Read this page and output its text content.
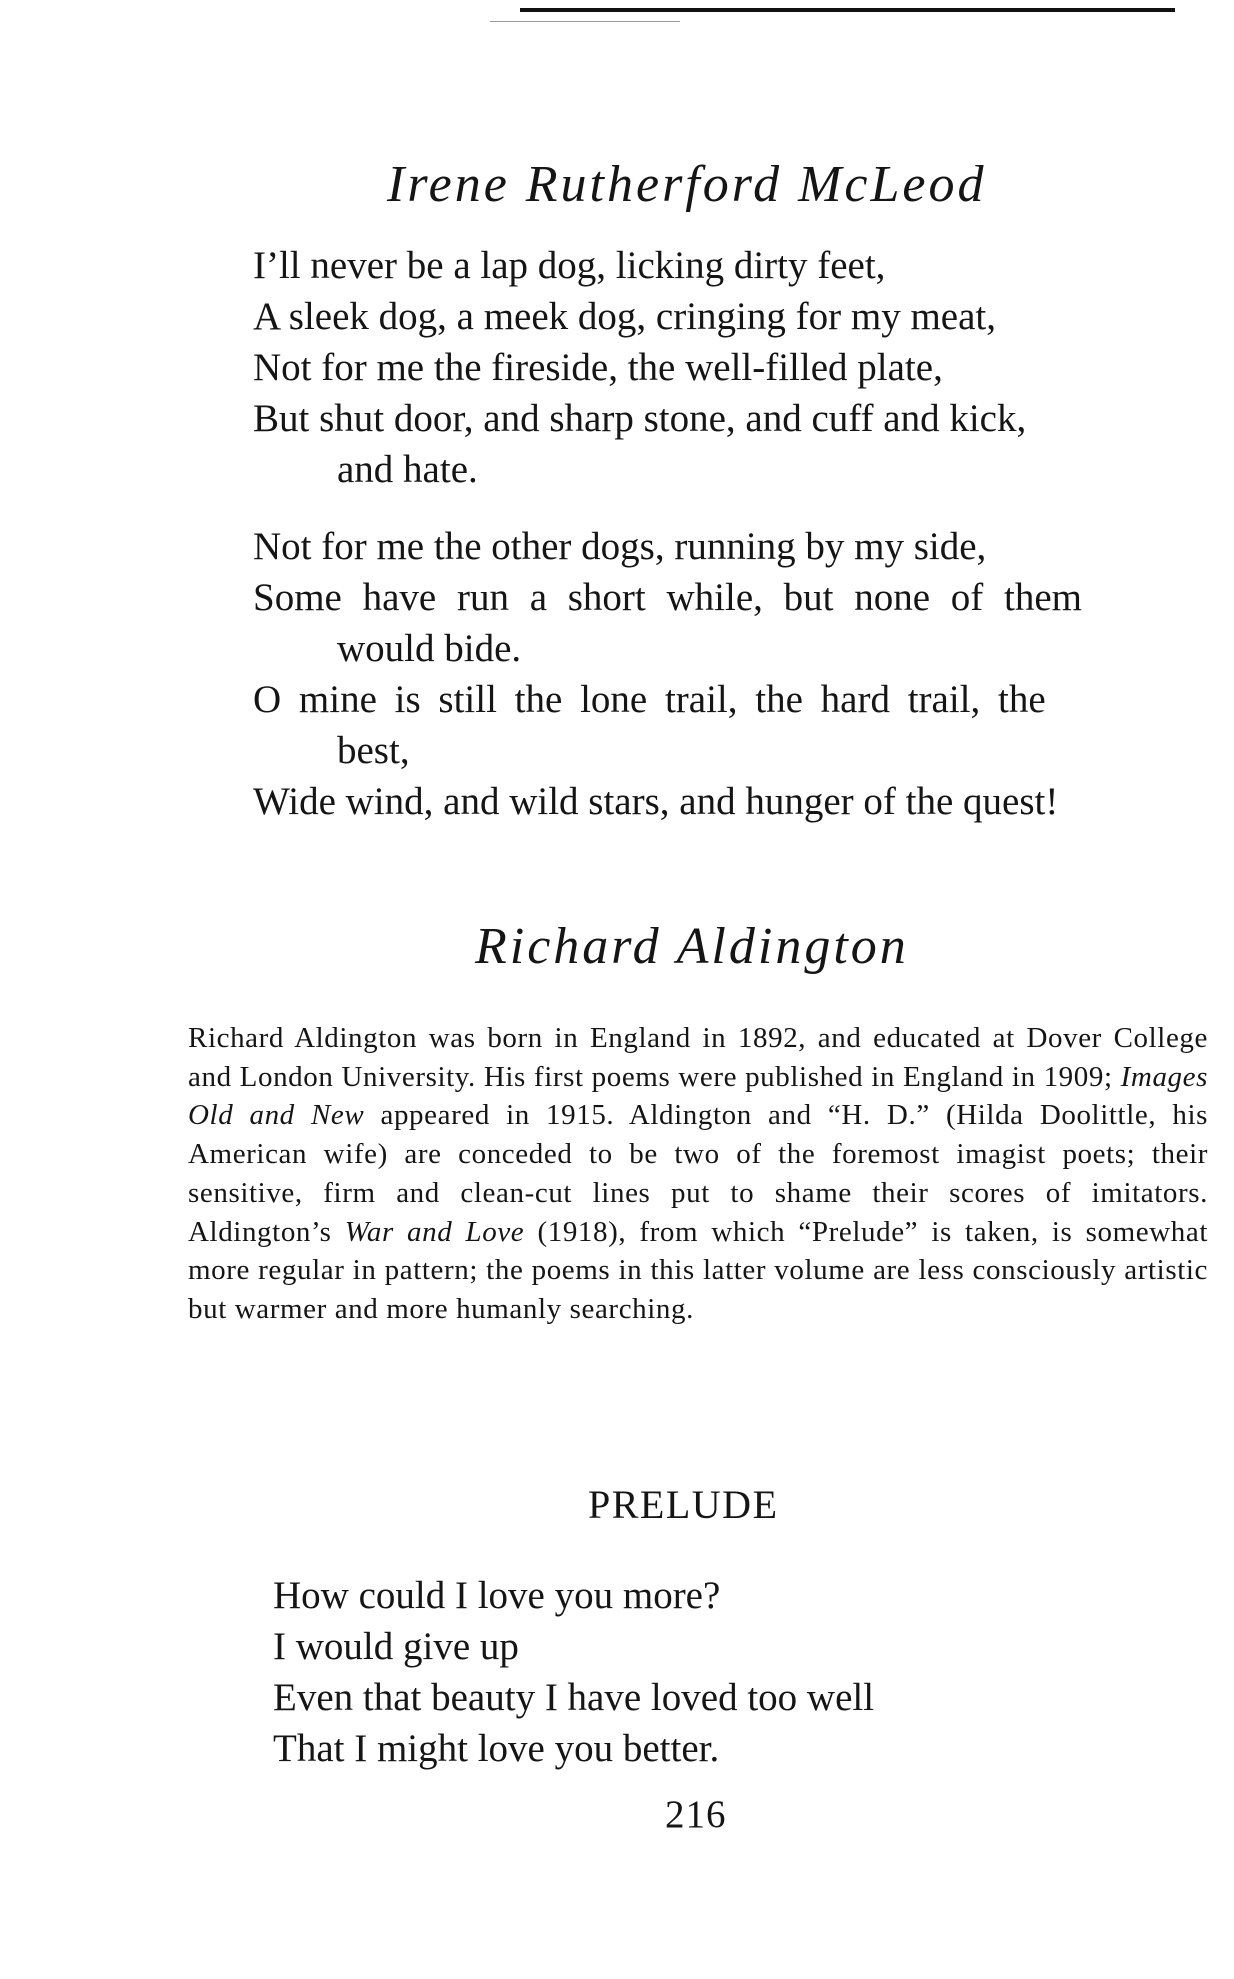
Irene Rutherford McLeod
I’ll never be a lap dog, licking dirty feet,
A sleek dog, a meek dog, cringing for my meat,
Not for me the fireside, the well-filled plate,
But shut door, and sharp stone, and cuff and kick,
and hate.
Not for me the other dogs, running by my side,
Some have run a short while, but none of them
would bide.
O mine is still the lone trail, the hard trail, the
best,
Wide wind, and wild stars, and hunger of the quest!
Richard Aldington
Richard Aldington was born in England in 1892, and educated at Dover College and London University. His first poems were published in England in 1909; Images Old and New appeared in 1915. Aldington and “H. D.” (Hilda Doolittle, his American wife) are conceded to be two of the foremost imagist poets; their sensitive, firm and clean-cut lines put to shame their scores of imitators. Aldington’s War and Love (1918), from which “Prelude” is taken, is somewhat more regular in pattern; the poems in this latter volume are less consciously artistic but warmer and more humanly searching.
PRELUDE
How could I love you more?
I would give up
Even that beauty I have loved too well
That I might love you better.
216
